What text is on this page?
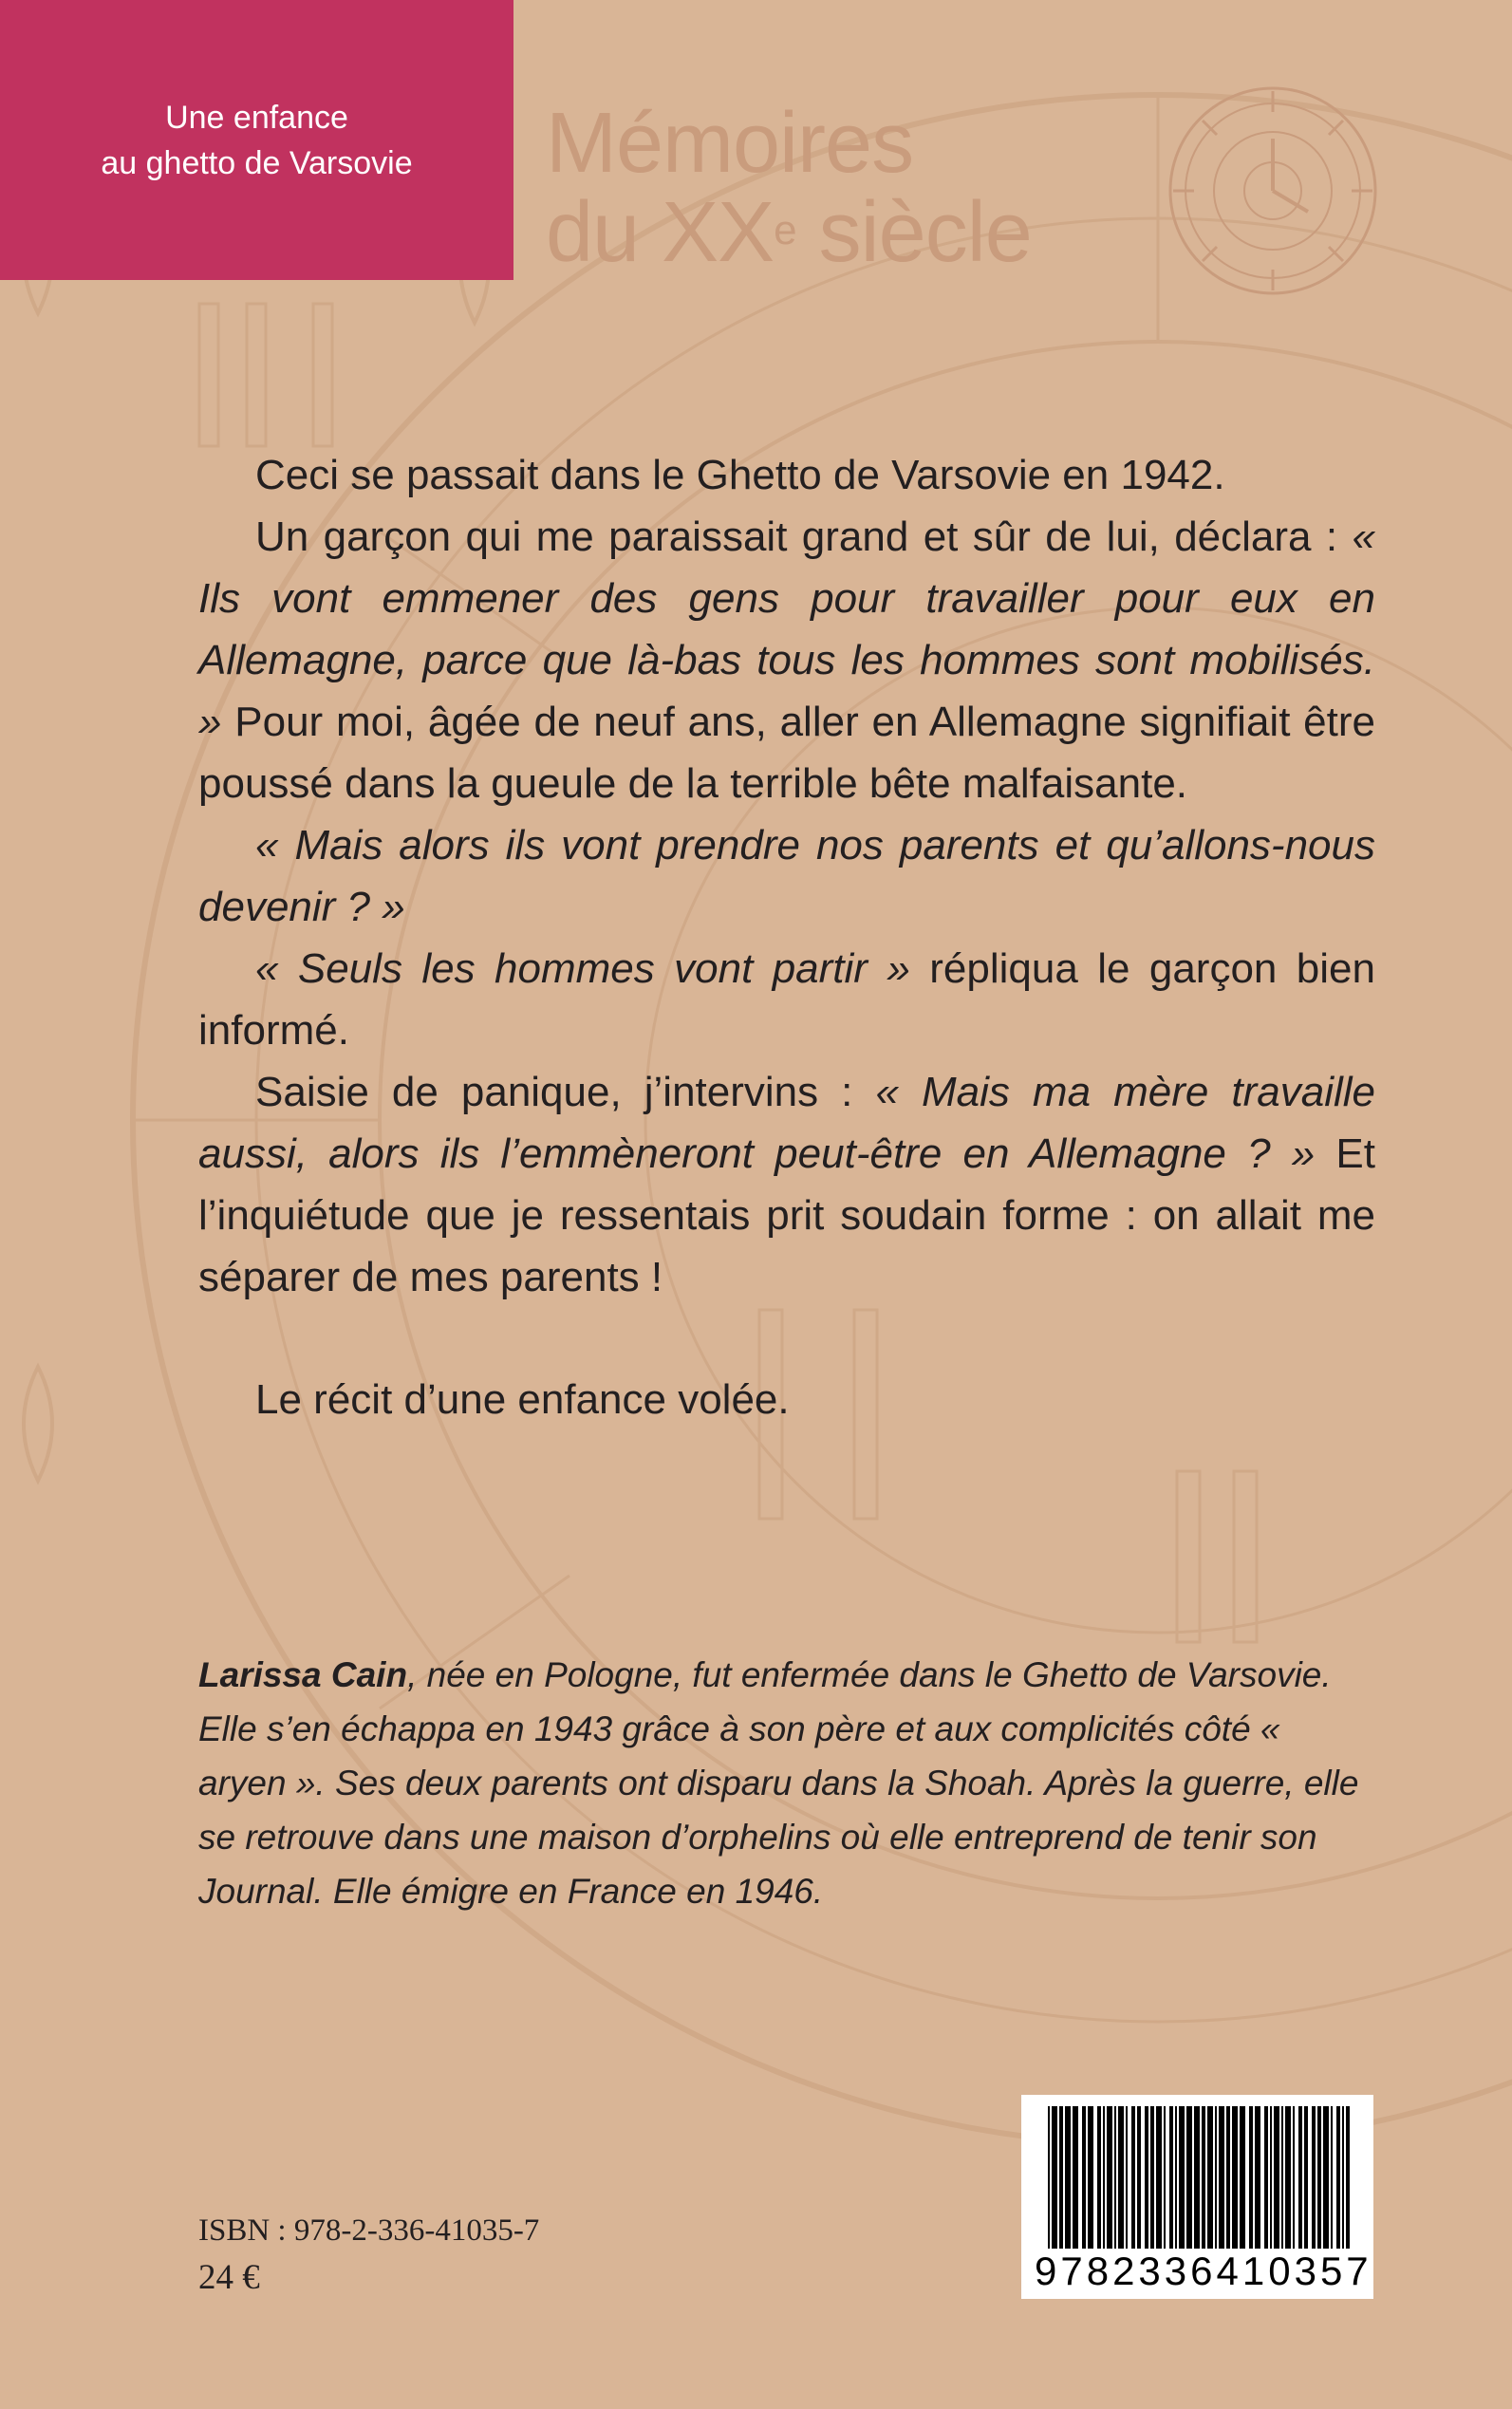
Une enfance
au ghetto de Varsovie Mémoires
du XXe siècle

Ceci se passait dans le Ghetto de Varsovie en 1942.

Un garçon qui me paraissait grand et sûr de lui, déclara : « Ils vont emmener des gens pour travailler pour eux en Allemagne, parce que là-bas tous les hommes sont mobilisés. » Pour moi, âgée de neuf ans, aller en Allemagne signifiait être poussé dans la gueule de la terrible bête malfaisante.

« Mais alors ils vont prendre nos parents et qu’allons-nous devenir ? »

« Seuls les hommes vont partir » répliqua le garçon bien informé.

Saisie de panique, j’intervins : « Mais ma mère travaille aussi, alors ils l’emmèneront peut-être en Allemagne ? » Et l’inquiétude que je ressentais prit soudain forme : on allait me séparer de mes parents !

Le récit d’une enfance volée.

Larissa Cain, née en Pologne, fut enfermée dans le Ghetto de Varsovie. Elle s’en échappa en 1943 grâce à son père et aux complicités côté « aryen ». Ses deux parents ont disparu dans la Shoah. Après la guerre, elle se retrouve dans une maison d’orphelins où elle entreprend de tenir son Journal. Elle émigre en France en 1946.
ISBN : 978-2-336-41035-7
24 €	9782336410357
